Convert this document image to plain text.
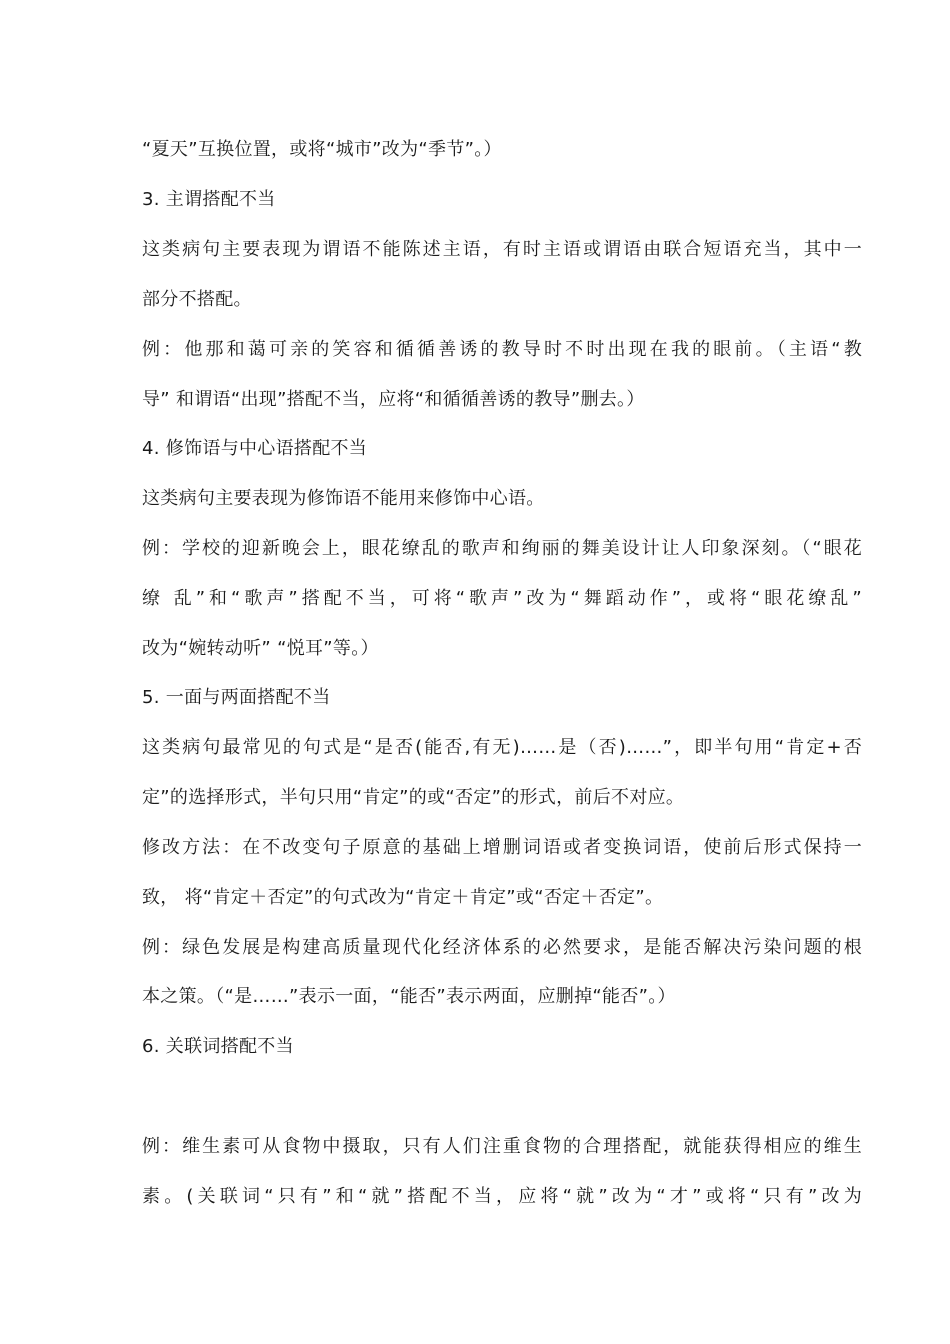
“夏天”互换位置，或将“城市”改为“季节”。）
3. 主谓搭配不当
这类病句主要表现为谓语不能陈述主语，有时主语或谓语由联合短语充当，其中一
部分不搭配。
例：他那和蔼可亲的笑容和循循善诱的教导时不时出现在我的眼前。（主语“教
导” 和谓语“出现”搭配不当，应将“和循循善诱的教导”删去。）
4. 修饰语与中心语搭配不当
这类病句主要表现为修饰语不能用来修饰中心语。
例：学校的迎新晚会上，眼花缭乱的歌声和绚丽的舞美设计让人印象深刻。（“眼花
缭 乱”和“歌声”搭配不当，可将“歌声”改为“舞蹈动作”，或将“眼花缭乱”
改为“婉转动听” “悦耳”等。）
5. 一面与两面搭配不当
这类病句最常见的句式是“是否(能否,有无)……是（否)……”，即半句用“肯定+否
定”的选择形式，半句只用“肯定”的或“否定”的形式，前后不对应。
修改方法：在不改变句子原意的基础上增删词语或者变换词语，使前后形式保持一
致， 将“肯定＋否定”的句式改为“肯定＋肯定”或“否定＋否定”。
例：绿色发展是构建高质量现代化经济体系的必然要求，是能否解决污染问题的根
本之策。（“是……”表示一面，“能否”表示两面，应删掉“能否”。）
6. 关联词搭配不当
例：维生素可从食物中摄取，只有人们注重食物的合理搭配，就能获得相应的维生
素。(关联词“只有”和“就”搭配不当，应将“就”改为“才”或将“只有”改为
